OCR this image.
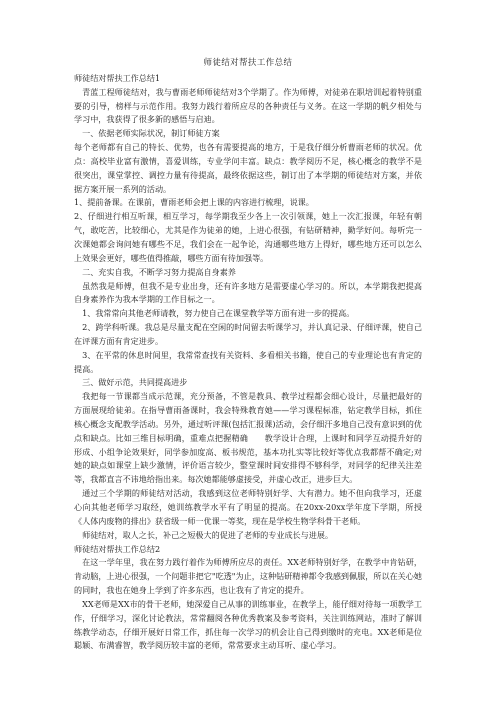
师徒结对帮扶工作总结

师徒结对帮扶工作总结1

青蓝工程师徒结对，我与曹雨老师师徒结对3个学期了。作为师傅，对徒弟在职培训起着特别重要的引导，榜样与示范作用。我努力践行着所应尽的各种责任与义务。在这一学期的帆夕相处与学习中，我获得了很多新的感悟与启迪。

一、依据老师实际状况，制订师徒方案

每个老师都有自己的特长、优势，也各有需要提高的地方，于是我仔细分析曹雨老师的状况。优点：高校毕业富有激情，喜爱训练，专业学问丰富。缺点：教学阅历不足，核心概念的教学不是很突出，课堂掌控、调控力量有待提高，最终依据这些，制订出了本学期的师徒结对方案，并依据方案开展一系列的活动。

1、提前备课。在课前，曹雨老师会把上课的内容进行梳理，说课。

2、仔细进行相互听课，相互学习，每学期我至少各上一次引领课，她上一次汇报课，年轻有朝气，敢吃苦，比较细心，尤其是作为徒弟的她，上进心很强，有钻研精神，勤学好问。每听完一次课她都会询问她有哪些不足，我们会在一起争论，沟通哪些地方上得好，哪些地方还可以怎么上效果会更好，哪些值得推敲，哪些方面有待加强等。

二、充实自我，不断学习努力提高自身素养

虽然我是师傅，但我不是专业出身，还有许多地方是需要虚心学习的。所以，本学期我把提高自身素养作为我本学期的工作目标之一。

1、我常常向其他老师请教，努力使自己在课堂教学等方面有进一步的提高。

2、跨学科听课。我总是尽量支配在空闲的时间留去听课学习，并认真记录、仔细评课，使自己在评课方面有肯定进步。

3、在平常的休息时间里，我常常查找有关资料、多看相关书籍，使自己的专业理论也有肯定的提高。

三、做好示范，共同提高进步

我把每一节课都当成示范课，充分预备，不管是教具、教学过程都会细心设计，尽量把最好的方面展现给徒弟。在指导曹雨备课时，我会特殊教育她——学习课程标准，钻定教学目标，抓住核心概念支配教学活动。另外，通过听评课(包括汇报课)活动，会仔细汗多地自己没有意识到的优点和缺点。比如三维目标明确，重难点把握精确　　教学设计合理，上课时和同学互动提升好的形成、小组争论效果好，同学参加度高、板书规范，基本功扎实等比较好等优点我都帮不确定;对她的缺点如课堂上缺少激情，评价语言较少，整堂课时间安排得不够科学，对同学的纪律关注差等，我都直言不讳地给指出来。每次她都能够虚接受，并虚心改正，进步巨大。

通过三个学期的师徒结对活动，我感到这位老师特别好学、大有潜力。她不但向我学习，还虚心向其他老师学习取经，她训练教学水平有了明显的提高。在20xx-20xx学年度下学期，所授《人体内废物的排出》获省级一师一优课一等奖，现在是学校生物学科骨干老师。

师徒结对，取人之长，补己之短极大的促进了老师的专业成长与进展。

师徒结对帮扶工作总结2

在这一学年里，我在努力践行着作为师傅所应尽的责任。XX老师特别好学，在教学中肯钻研，肯动脑，上进心很强，一个问题非把它"吃透"为止，这种钻研精神都令我感到佩服，所以在关心她的同时，我也在她身上学到了许多东西，也让我有了肯定的提升。

XX老师是XX市的骨干老师，她深爱自己从事的训练事业，在教学上，能仔细对待每一项教学工作，仔细学习，深化讨论教法，常常翻阅各种优秀教案及参考资料，关注训练网站，准时了解训练教学动态，仔细开展好日常工作，抓住每一次学习的机会让自己得到缴时的充电。XX老师是位聪颖、布满睿智，教学阅历较丰富的老师，常常要求主动耳听、虚心学习。
